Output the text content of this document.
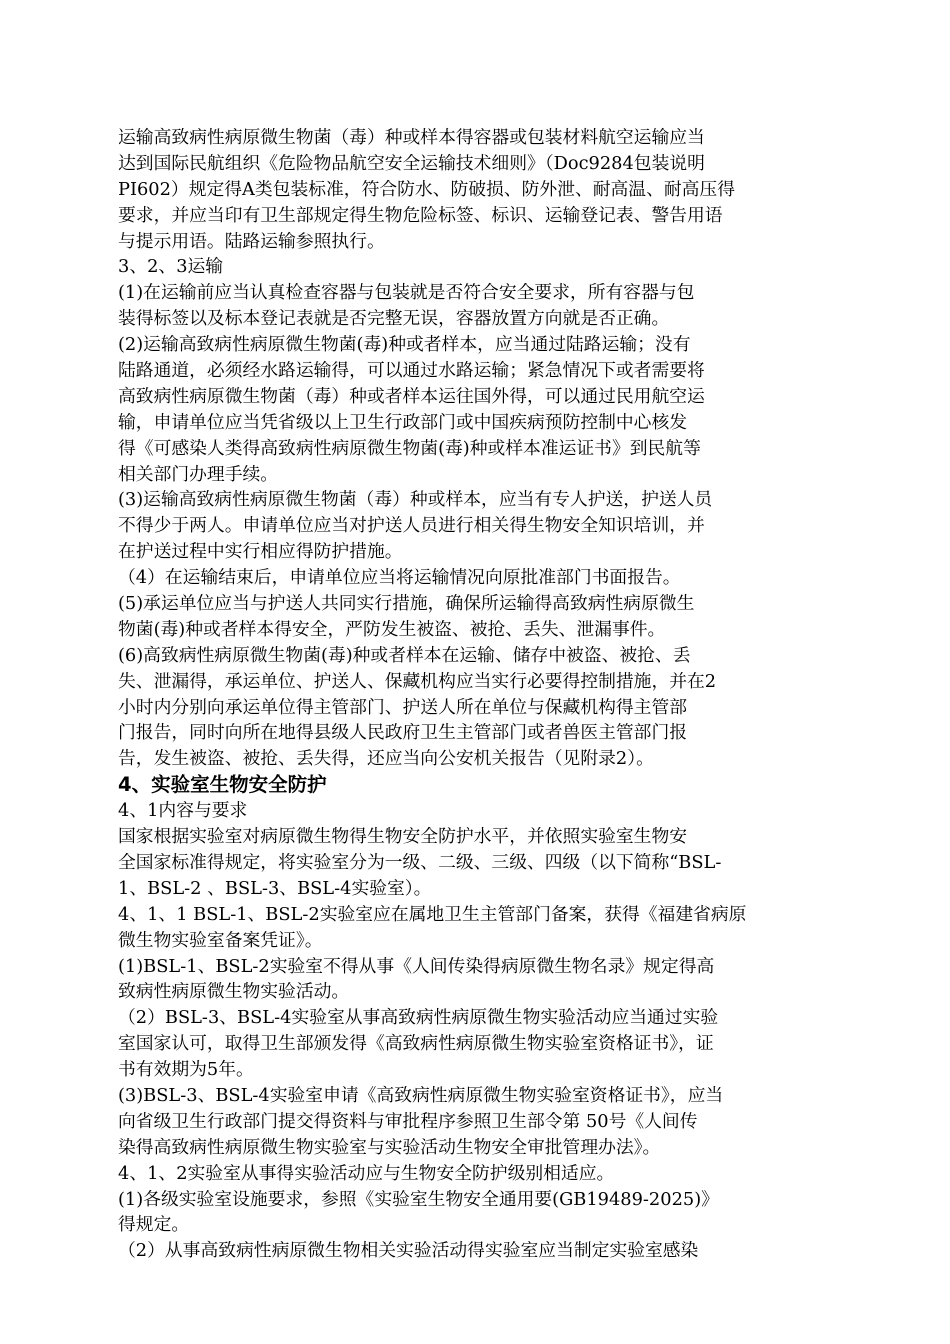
运输高致病性病原微生物菌（毒）种或样本得容器或包装材料航空运输应当
达到国际民航组织《危险物品航空安全运输技术细则》（Doc9284包装说明
PI602）规定得A类包装标准，符合防水、防破损、防外泄、耐高温、耐高压得
要求，并应当印有卫生部规定得生物危险标签、标识、运输登记表、警告用语
与提示用语。陆路运输参照执行。
3、2、3运输
(1)在运输前应当认真检查容器与包装就是否符合安全要求，所有容器与包
装得标签以及标本登记表就是否完整无误，容器放置方向就是否正确。
(2)运输高致病性病原微生物菌(毒)种或者样本，应当通过陆路运输；没有
陆路通道，必须经水路运输得，可以通过水路运输；紧急情况下或者需要将
高致病性病原微生物菌（毒）种或者样本运往国外得，可以通过民用航空运
输，申请单位应当凭省级以上卫生行政部门或中国疾病预防控制中心核发
得《可感染人类得高致病性病原微生物菌(毒)种或样本准运证书》到民航等
相关部门办理手续。
(3)运输高致病性病原微生物菌（毒）种或样本，应当有专人护送，护送人员
不得少于两人。申请单位应当对护送人员进行相关得生物安全知识培训，并
在护送过程中实行相应得防护措施。
（4）在运输结束后，申请单位应当将运输情况向原批准部门书面报告。
(5)承运单位应当与护送人共同实行措施，确保所运输得高致病性病原微生
物菌(毒)种或者样本得安全，严防发生被盗、被抢、丢失、泄漏事件。
(6)高致病性病原微生物菌(毒)种或者样本在运输、储存中被盗、被抢、丢
失、泄漏得，承运单位、护送人、保藏机构应当实行必要得控制措施，并在2
小时内分别向承运单位得主管部门、护送人所在单位与保藏机构得主管部
门报告，同时向所在地得县级人民政府卫生主管部门或者兽医主管部门报
告，发生被盗、被抢、丢失得，还应当向公安机关报告（见附录2）。
4、实验室生物安全防护
4、1内容与要求
国家根据实验室对病原微生物得生物安全防护水平，并依照实验室生物安
全国家标准得规定，将实验室分为一级、二级、三级、四级（以下简称“BSL-
1、BSL-2 、BSL-3、BSL-4实验室）。
4、1、1 BSL-1、BSL-2实验室应在属地卫生主管部门备案，获得《福建省病原
微生物实验室备案凭证》。
(1)BSL-1、BSL-2实验室不得从事《人间传染得病原微生物名录》规定得高
致病性病原微生物实验活动。
（2）BSL-3、BSL-4实验室从事高致病性病原微生物实验活动应当通过实验
室国家认可，取得卫生部颁发得《高致病性病原微生物实验室资格证书》，证
书有效期为5年。
(3)BSL-3、BSL-4实验室申请《高致病性病原微生物实验室资格证书》，应当
向省级卫生行政部门提交得资料与审批程序参照卫生部令第 50号《人间传
染得高致病性病原微生物实验室与实验活动生物安全审批管理办法》。
4、1、2实验室从事得实验活动应与生物安全防护级别相适应。
(1)各级实验室设施要求，参照《实验室生物安全通用要(GB19489-2025)》
得规定。
（2）从事高致病性病原微生物相关实验活动得实验室应当制定实验室感染
